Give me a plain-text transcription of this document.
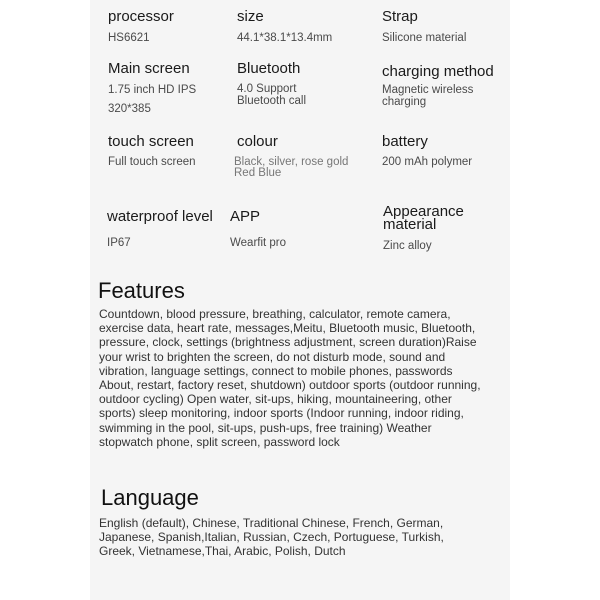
processor
HS6621
size
44.1*38.1*13.4mm
Strap
Silicone material
Main screen
1.75 inch HD IPS
320*385
Bluetooth
4.0 Support
Bluetooth call
charging method
Magnetic wireless
charging
touch screen
Full touch screen
colour
Black, silver, rose gold
Red Blue
battery
200 mAh polymer
waterproof level
IP67
APP
Wearfit pro
Appearance
material
Zinc alloy
Features
Countdown, blood pressure, breathing, calculator, remote camera,
exercise data, heart rate, messages,Meitu, Bluetooth music, Bluetooth,
pressure, clock, settings (brightness adjustment, screen duration)Raise
your wrist to brighten the screen, do not disturb mode, sound and
vibration, language settings, connect to mobile phones, passwords
About, restart, factory reset, shutdown) outdoor sports (outdoor running,
outdoor cycling) Open water, sit-ups, hiking, mountaineering, other
sports) sleep monitoring, indoor sports (Indoor running, indoor riding,
swimming in the pool, sit-ups, push-ups, free training) Weather
stopwatch phone, split screen, password lock
Language
English (default), Chinese, Traditional Chinese, French, German,
Japanese, Spanish,Italian, Russian, Czech, Portuguese, Turkish,
Greek, Vietnamese,Thai, Arabic, Polish, Dutch
